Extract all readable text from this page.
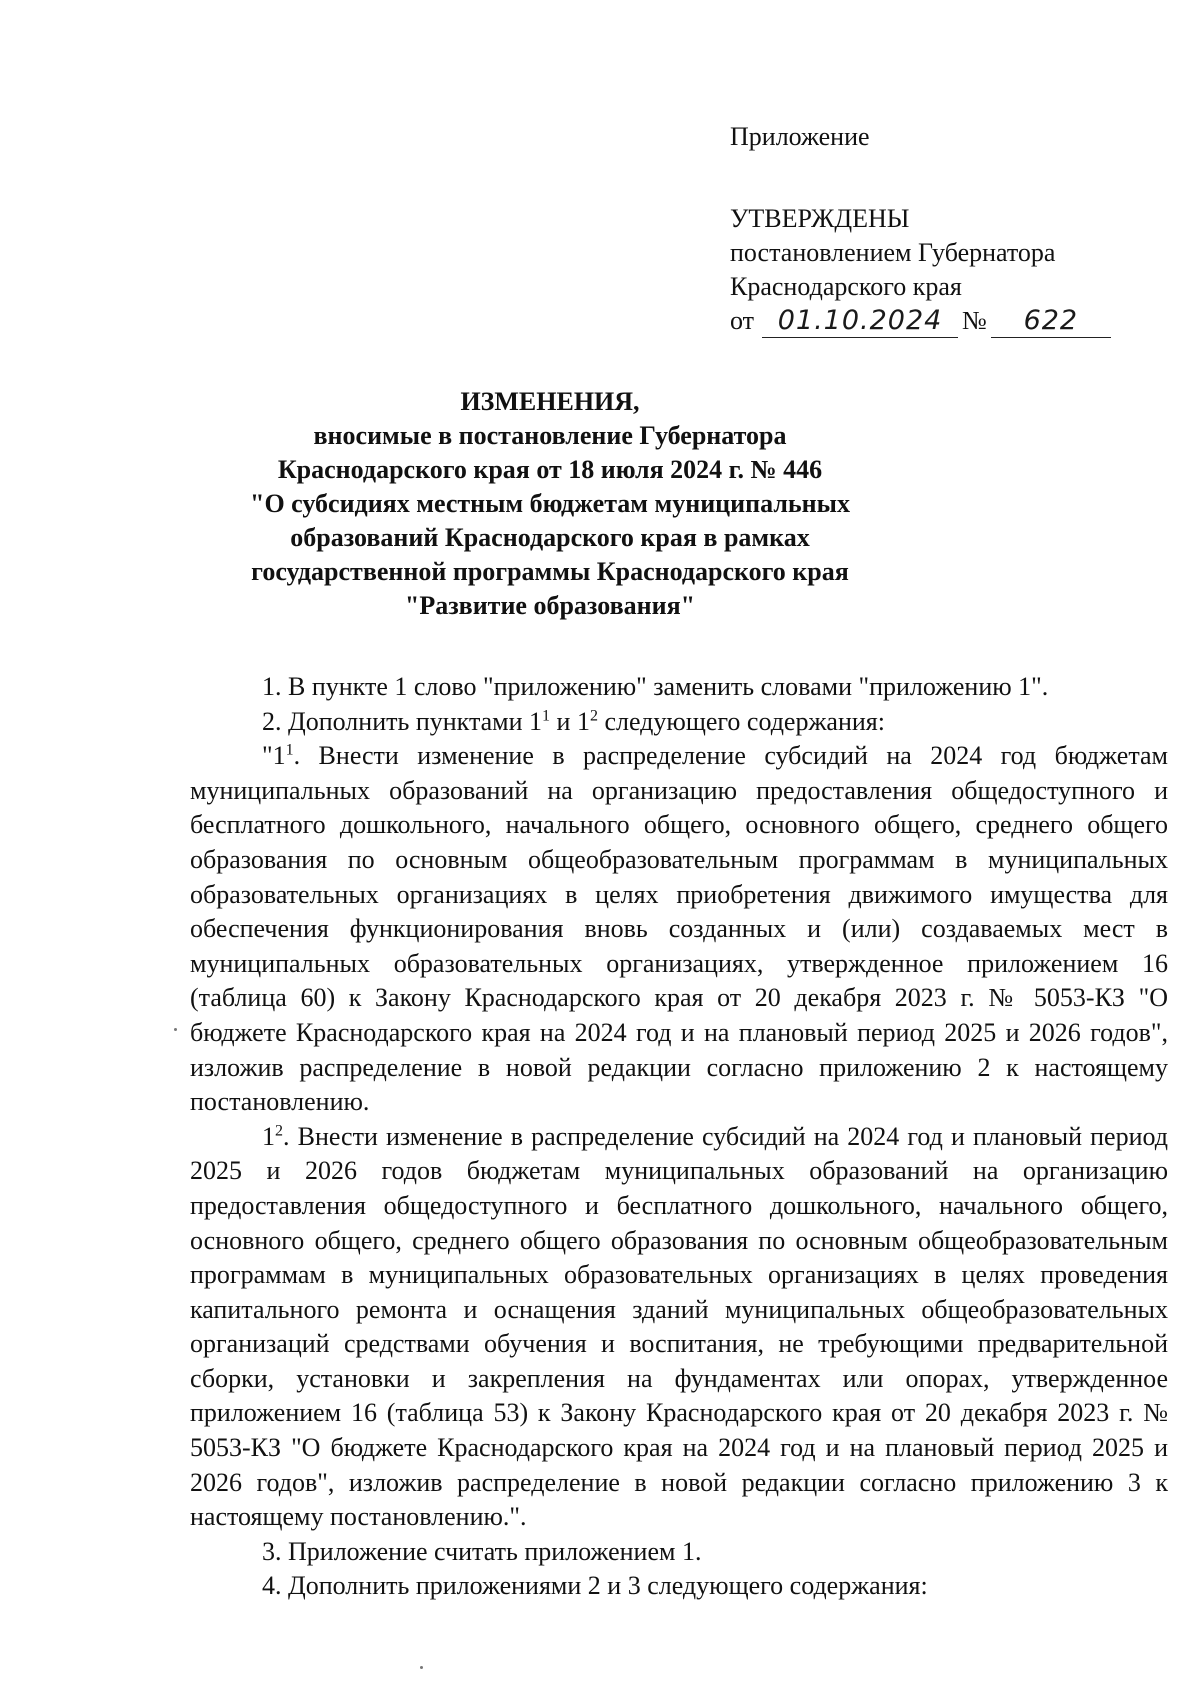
Приложение
УТВЕРЖДЕНЫ
постановлением Губернатора
Краснодарского края
от 01.10.2024 №	622
ИЗМЕНЕНИЯ,
вносимые в постановление Губернатора
Краснодарского края от 18 июля 2024 г. № 446
"О субсидиях местным бюджетам муниципальных
образований Краснодарского края в рамках
государственной программы Краснодарского края
"Развитие образования"

1. В пункте 1 слово "приложению" заменить словами "приложению 1".

2. Дополнить пунктами $1^1$ и $1^2$ следующего содержания:

"$1^1$. Внести изменение в распределение субсидий на 2024 год бюджетам муниципальных образований на организацию предоставления общедоступного и бесплатного дошкольного, начального общего, основного общего, среднего общего образования по основным общеобразовательным программам в муниципальных образовательных организациях в целях приобретения движимого имущества для обеспечения функционирования вновь созданных и (или) создаваемых мест в муниципальных образовательных организациях, утвержденное приложением 16 (таблица 60) к Закону Краснодарского края от 20 декабря 2023 г. № 5053-КЗ "О бюджете Краснодарского края на 2024 год и на плановый период 2025 и 2026 годов", изложив распределение в новой редакции согласно приложению 2 к настоящему постановлению.

$1^2$. Внести изменение в распределение субсидий на 2024 год и плановый период 2025 и 2026 годов бюджетам муниципальных образований на организацию предоставления общедоступного и бесплатного дошкольного, начального общего, основного общего, среднего общего образования по основным общеобразовательным программам в муниципальных образовательных организациях в целях проведения капитального ремонта и оснащения зданий муниципальных общеобразовательных организаций средствами обучения и воспитания, не требующими предварительной сборки, установки и закрепления на фундаментах или опорах, утвержденное приложением 16 (таблица 53) к Закону Краснодарского края от 20 декабря 2023 г. № 5053-КЗ "О бюджете Краснодарского края на 2024 год и на плановый период 2025 и 2026 годов", изложив распределение в новой редакции согласно приложению 3 к настоящему постановлению.".

3. Приложение считать приложением 1.

4. Дополнить приложениями 2 и 3 следующего содержания:
